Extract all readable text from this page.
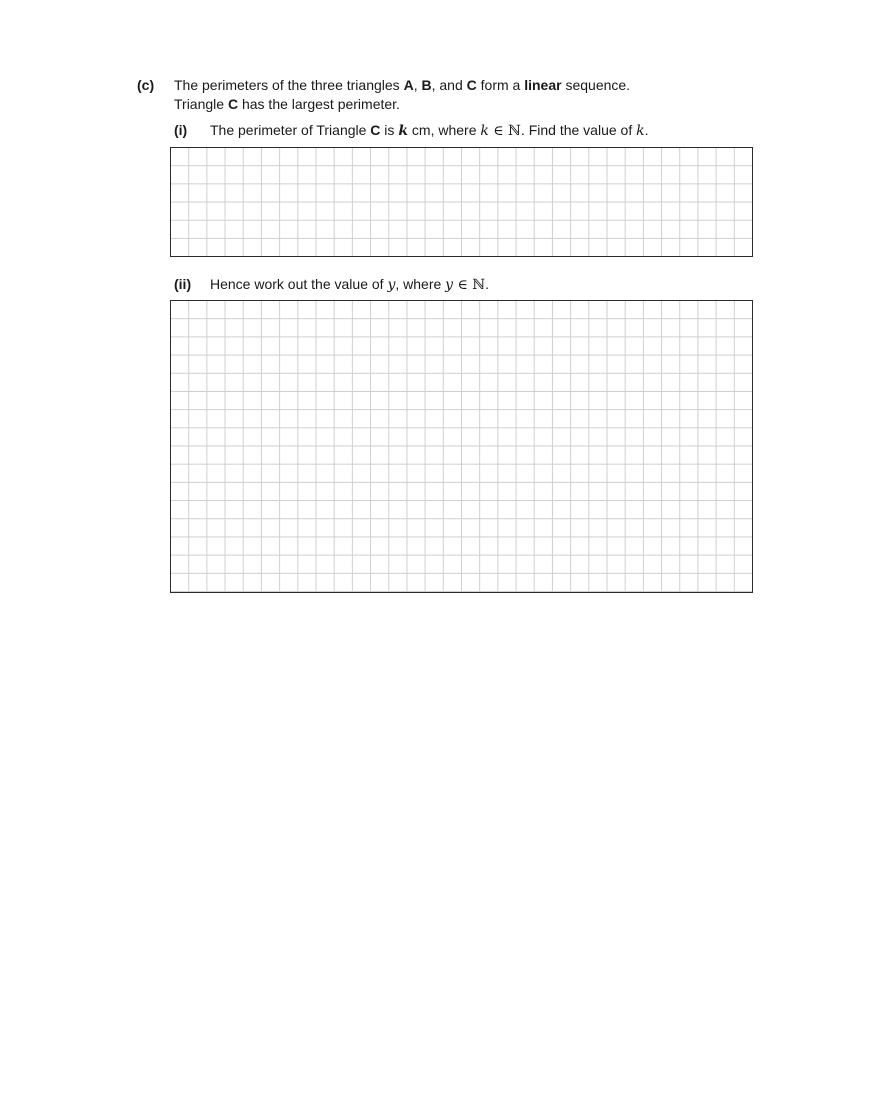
(c) The perimeters of the three triangles A, B, and C form a linear sequence.
Triangle C has the largest perimeter.
(i) The perimeter of Triangle C is k cm, where k ∈ ℕ. Find the value of k.
(ii) Hence work out the value of y, where y ∈ ℕ.
